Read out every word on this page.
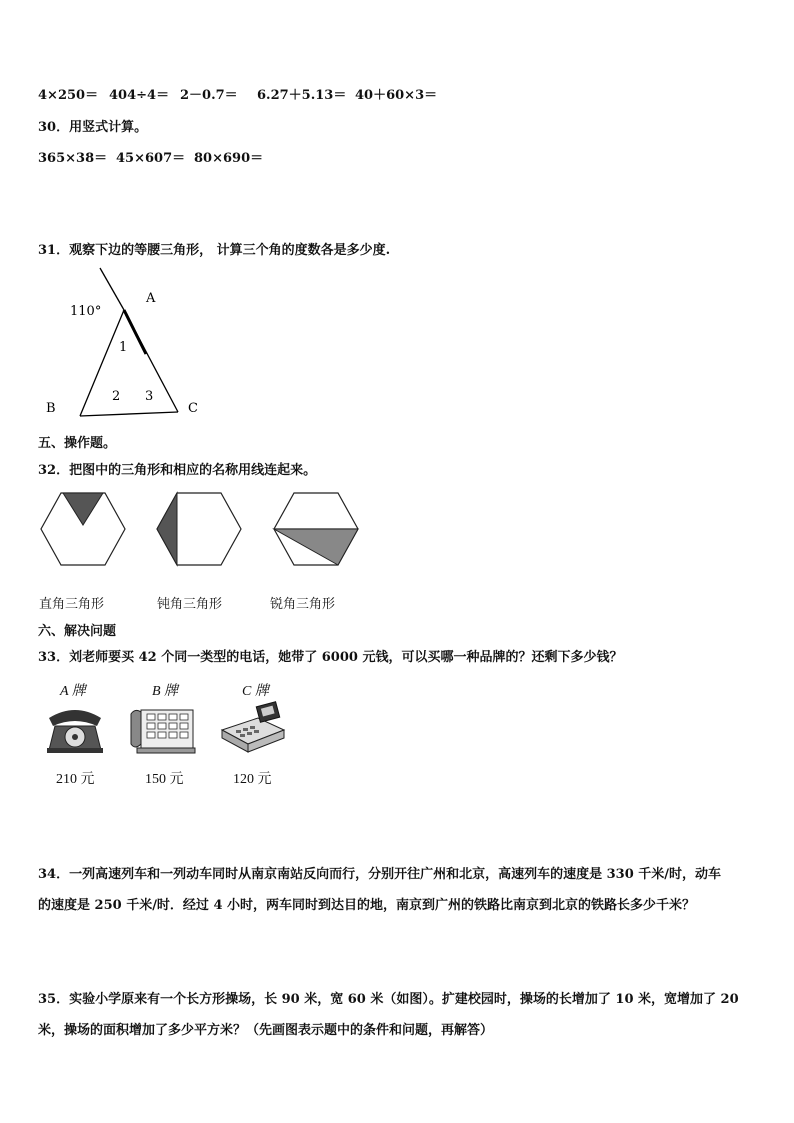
4×250＝ 404÷4＝ 2－0.7＝ 6.27＋5.13＝ 40＋60×3＝
30．用竖式计算。
365×38＝ 45×607＝ 80×690＝
31．观察下边的等腰三角形， 计算三个角的度数各是多少度.
110°
A
B	C
1
2 3
五、操作题。
32．把图中的三角形和相应的名称用线连起来。
直角三角形	钝角三角形	锐角三角形
六、解决问题
33．刘老师要买 42 个同一类型的电话，她带了 6000 元钱，可以买哪一种品牌的？还剩下多少钱？
A 牌	B 牌	C 牌
210 元	150 元	120 元
34．一列高速列车和一列动车同时从南京南站反向而行，分别开往广州和北京，高速列车的速度是 330 千米/时，动车
的速度是 250 千米/时．经过 4 小时，两车同时到达目的地，南京到广州的铁路比南京到北京的铁路长多少千米？
35．实验小学原来有一个长方形操场，长 90 米，宽 60 米（如图）。扩建校园时，操场的长增加了 10 米，宽增加了 20
米，操场的面积增加了多少平方米？（先画图表示题中的条件和问题，再解答）
